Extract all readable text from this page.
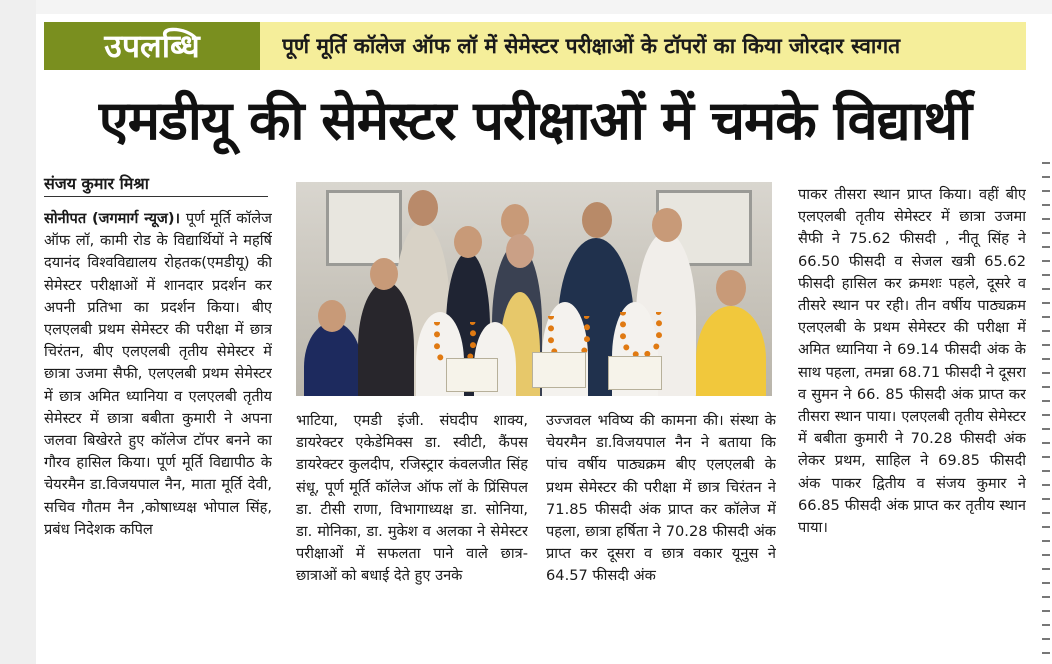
उपलब्धि	पूर्ण मूर्ति कॉलेज ऑफ लॉ में सेमेस्टर परीक्षाओं के टॉपरों का किया जोरदार स्वागत
एमडीयू की सेमेस्टर परीक्षाओं में चमके विद्यार्थी
संजय कुमार मिश्रा
सोनीपत (जगमार्ग न्यूज)। पूर्ण मूर्ति कॉलेज ऑफ लॉ, कामी रोड के विद्यार्थियों ने महर्षि दयानंद विश्वविद्यालय रोहतक(एमडीयू) की सेमेस्टर परीक्षाओं में शानदार प्रदर्शन कर अपनी प्रतिभा का प्रदर्शन किया। बीए एलएलबी प्रथम सेमेस्टर की परीक्षा में छात्र चिरंतन, बीए एलएलबी तृतीय सेमेस्टर में छात्रा उजमा सैफी, एलएलबी प्रथम सेमेस्टर में छात्र अमित ध्यानिया व एलएलबी तृतीय सेमेस्टर में छात्रा बबीता कुमारी ने अपना जलवा बिखेरते हुए कॉलेज टॉपर बनने का गौरव हासिल किया। पूर्ण मूर्ति विद्यापीठ के चेयरमैन डा.विजयपाल नैन, माता मूर्ति देवी, सचिव गौतम नैन ,कोषाध्यक्ष भोपाल सिंह, प्रबंध निदेशक कपिल
भाटिया, एमडी इंजी. संघदीप शाक्य, डायरेक्टर एकेडेमिक्स डा. स्वीटी, कैंपस डायरेक्टर कुलदीप, रजिस्ट्रार कंवलजीत सिंह संधू, पूर्ण मूर्ति कॉलेज ऑफ लॉ के प्रिंसिपल डा. टीसी राणा, विभागाध्यक्ष डा. सोनिया, डा. मोनिका, डा. मुकेश व अलका ने सेमेस्टर परीक्षाओं में सफलता पाने वाले छात्र-छात्राओं को बधाई देते हुए उनके
उज्जवल भविष्य की कामना की। संस्था के चेयरमैन डा.विजयपाल नैन ने बताया कि पांच वर्षीय पाठ्यक्रम बीए एलएलबी के प्रथम सेमेस्टर की परीक्षा में छात्र चिरंतन ने 71.85 फीसदी अंक प्राप्त कर कॉलेज में पहला, छात्रा हर्षिता ने 70.28 फीसदी अंक प्राप्त कर दूसरा व छात्र वकार यूनुस ने 64.57 फीसदी अंक
पाकर तीसरा स्थान प्राप्त किया। वहीं बीए एलएलबी तृतीय सेमेस्टर में छात्रा उजमा सैफी ने 75.62 फीसदी , नीतू सिंह ने 66.50 फीसदी व सेजल खत्री 65.62 फीसदी हासिल कर क्रमशः पहले, दूसरे व तीसरे स्थान पर रही। तीन वर्षीय पाठ्यक्रम एलएलबी के प्रथम सेमेस्टर की परीक्षा में अमित ध्यानिया ने 69.14 फीसदी अंक के साथ पहला, तमन्ना 68.71 फीसदी ने दूसरा व सुमन ने 66. 85 फीसदी अंक प्राप्त कर तीसरा स्थान पाया। एलएलबी तृतीय सेमेस्टर में बबीता कुमारी ने 70.28 फीसदी अंक लेकर प्रथम, साहिल ने 69.85 फीसदी अंक पाकर द्वितीय व संजय कुमार ने 66.85 फीसदी अंक प्राप्त कर तृतीय स्थान पाया।
